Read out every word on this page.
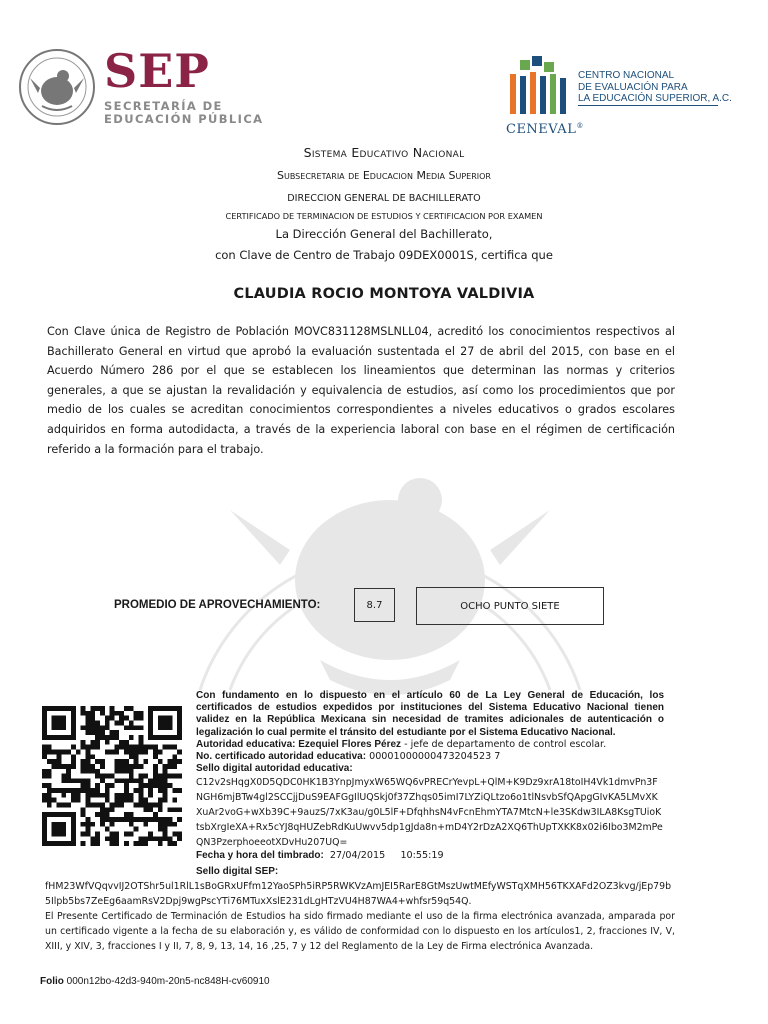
SEP
SECRETARÍA DE
EDUCACIÓN PÚBLICA
CENEVAL®
CENTRO NACIONAL
DE EVALUACIÓN PARA
LA EDUCACIÓN SUPERIOR, A.C.
Sistema Educativo Nacional
Subsecretaria de Educacion Media Superior
DIRECCION GENERAL DE BACHILLERATO
CERTIFICADO DE TERMINACION DE ESTUDIOS Y CERTIFICACION POR EXAMEN
La Dirección General del Bachillerato,
con Clave de Centro de Trabajo 09DEX0001S, certifica que
CLAUDIA ROCIO MONTOYA VALDIVIA
Con Clave única de Registro de Población MOVC831128MSLNLL04, acreditó los conocimientos respectivos al Bachillerato General en virtud que aprobó la evaluación sustentada el 27 de abril del 2015, con base en el Acuerdo Número 286 por el que se establecen los lineamientos que determinan las normas y criterios generales, a que se ajustan la revalidación y equivalencia de estudios, así como los procedimientos que por medio de los cuales se acreditan conocimientos correspondientes a niveles educativos o grados escolares adquiridos en forma autodidacta, a través de la experiencia laboral con base en el régimen de certificación referido a la formación para el trabajo.
PROMEDIO DE APROVECHAMIENTO:	8.7	OCHO PUNTO SIETE
Con fundamento en lo dispuesto en el artículo 60 de La Ley General de Educación, los certificados de estudios expedidos por instituciones del Sistema Educativo Nacional tienen validez en la República Mexicana sin necesidad de tramites adicionales de autenticación o legalización lo cual permite el tránsito del estudiante por el Sistema Educativo Nacional.
Autoridad educativa: Ezequiel Flores Pérez - jefe de departamento de control escolar.
No. certificado autoridad educativa: 00001000000473204523 7
Sello digital autoridad educativa:
C12v2sHqgX0D5QDC0HK1B3YnpJmyxW65WQ6vPRECrYevpL+QlM+K9Dz9xrA18toIH4Vk1dmvPn3FNGH6mjBTw4gl2SCCjjDuS9EAFGgIlUQSkj0f37Zhqs05imI7LYZiQLtzo6o1tlNsvbSfQApgGIvKA5LMvXKXuAr2voG+wXb39C+9auzS/7xK3au/g0L5lF+DfqhhsN4vFcnEhmYTA7MtcN+le3SKdw3ILA8KsgTUioKtsbXrgIeXA+Rx5cYJ8qHUZebRdKuUwvv5dp1gJda8n+mD4Y2rDzA2XQ6ThUpTXKK8x02i6Ibo3M2mPeQN3PzerphoeeotXDvHu207UQ=
Fecha y hora del timbrado:  27/04/2015     10:55:19
Sello digital SEP:
fHM23WfVQqvvIJ2OTShr5ul1RlL1sBoGRxUFfm12YaoSPh5iRP5RWKVzAmJEI5RarE8GtMszUwtMEfyWSTqXMH56TKXAFd2OZ3kvg/jEp79b5Ilpb5bs7ZeEg6aamRsV2Dpj9wgPscYTi76MTuxXslE231dLgHTzVU4H87WA4+whfsr59q54Q.
El Presente Certificado de Terminación de Estudios ha sido firmado mediante el uso de la firma electrónica avanzada, amparada por un certificado vigente a la fecha de su elaboración y, es válido de conformidad con lo dispuesto en los artículos1, 2, fracciones IV, V, XIII, y XIV, 3, fracciones I y II, 7, 8, 9, 13, 14, 16 ,25, 7 y 12 del Reglamento de la Ley de Firma electrónica Avanzada.
Folio 000n12bo-42d3-940m-20n5-nc848H-cv60910
